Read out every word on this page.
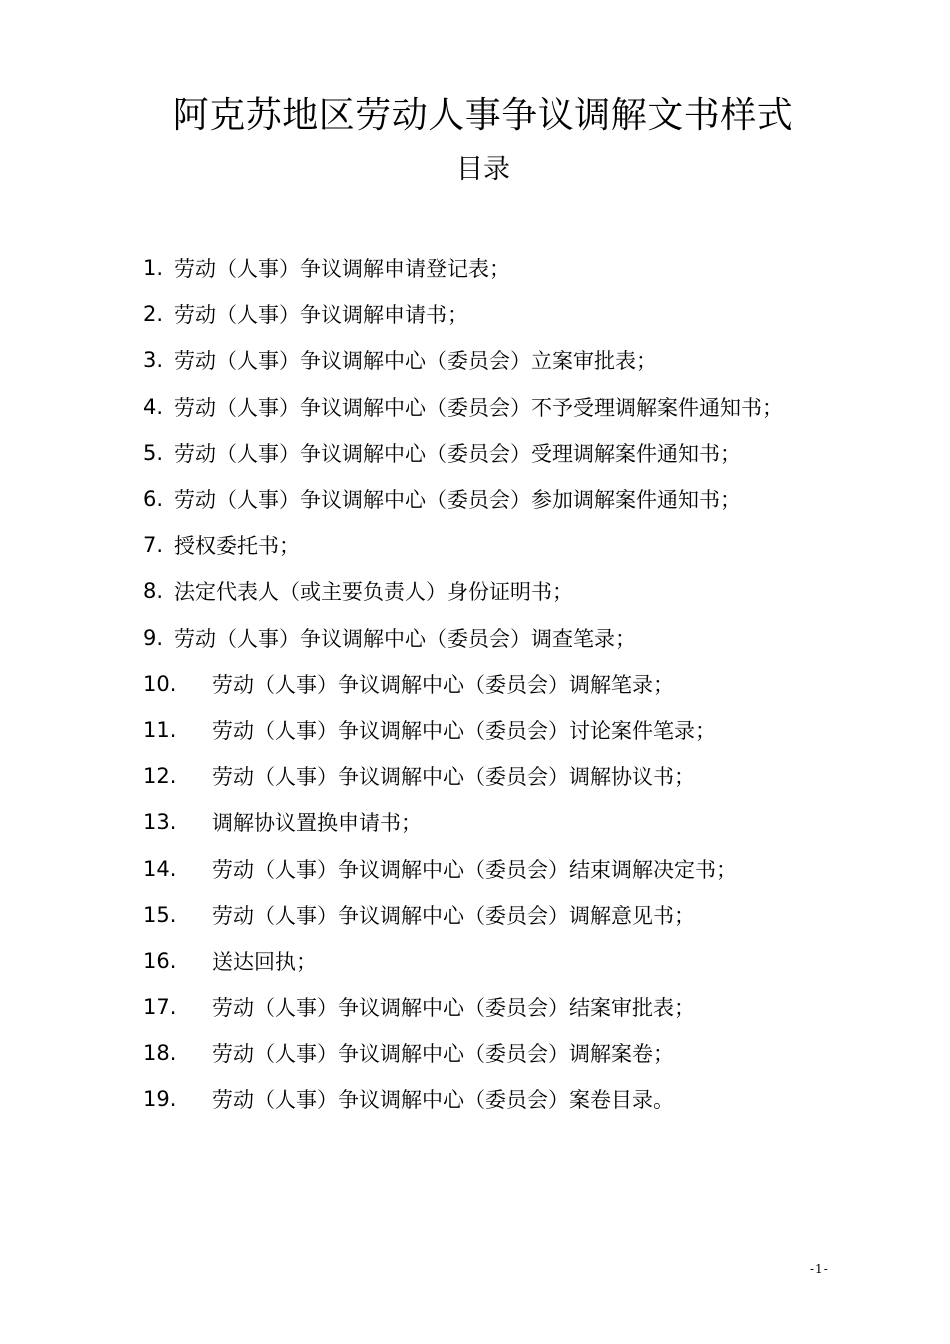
阿克苏地区劳动人事争议调解文书样式
目录
1. 劳动（人事）争议调解申请登记表；
2. 劳动（人事）争议调解申请书；
3. 劳动（人事）争议调解中心（委员会）立案审批表；
4. 劳动（人事）争议调解中心（委员会）不予受理调解案件通知书；
5. 劳动（人事）争议调解中心（委员会）受理调解案件通知书；
6. 劳动（人事）争议调解中心（委员会）参加调解案件通知书；
7. 授权委托书；
8. 法定代表人（或主要负责人）身份证明书；
9. 劳动（人事）争议调解中心（委员会）调查笔录；
10.	劳动（人事）争议调解中心（委员会）调解笔录；
11.	劳动（人事）争议调解中心（委员会）讨论案件笔录；
12.	劳动（人事）争议调解中心（委员会）调解协议书；
13.	调解协议置换申请书；
14.	劳动（人事）争议调解中心（委员会）结束调解决定书；
15.	劳动（人事）争议调解中心（委员会）调解意见书；
16.	送达回执；
17.	劳动（人事）争议调解中心（委员会）结案审批表；
18.	劳动（人事）争议调解中心（委员会）调解案卷；
19.	劳动（人事）争议调解中心（委员会）案卷目录。
-1-
